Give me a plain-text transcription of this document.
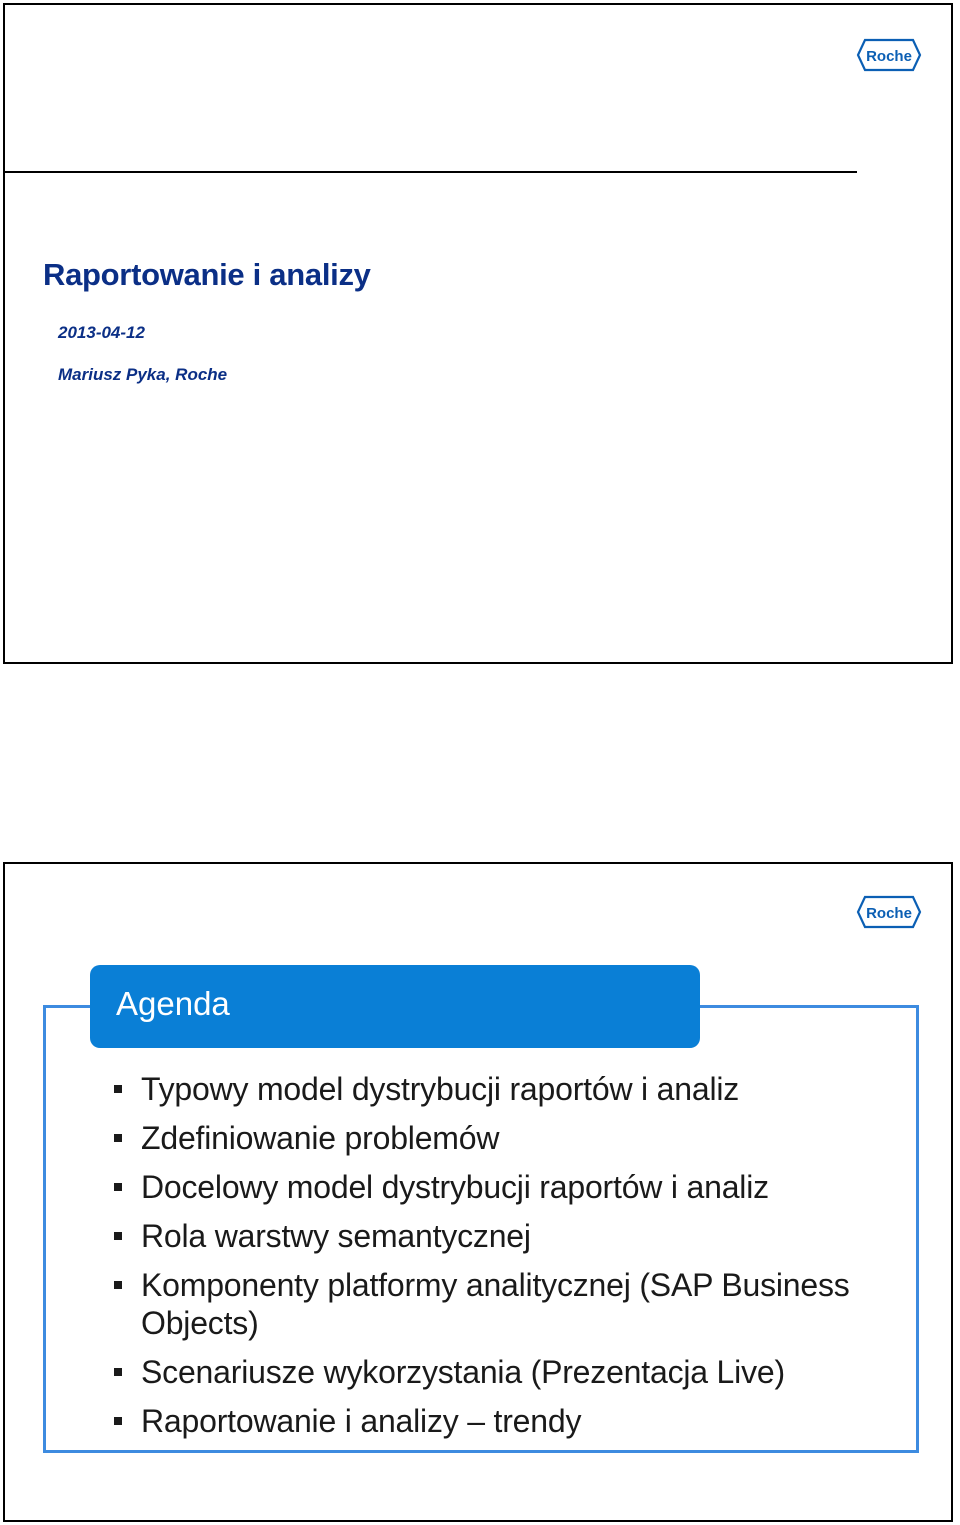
Roche
Raportowanie i analizy

2013-04-12

Mariusz Pyka, Roche

Roche
Agenda
Typowy model dystrybucji raportów i analiz
Zdefiniowanie problemów
Docelowy model dystrybucji raportów i analiz
Rola warstwy semantycznej
Komponenty platformy analitycznej (SAP Business Objects)
Scenariusze wykorzystania (Prezentacja Live)
Raportowanie i analizy – trendy
